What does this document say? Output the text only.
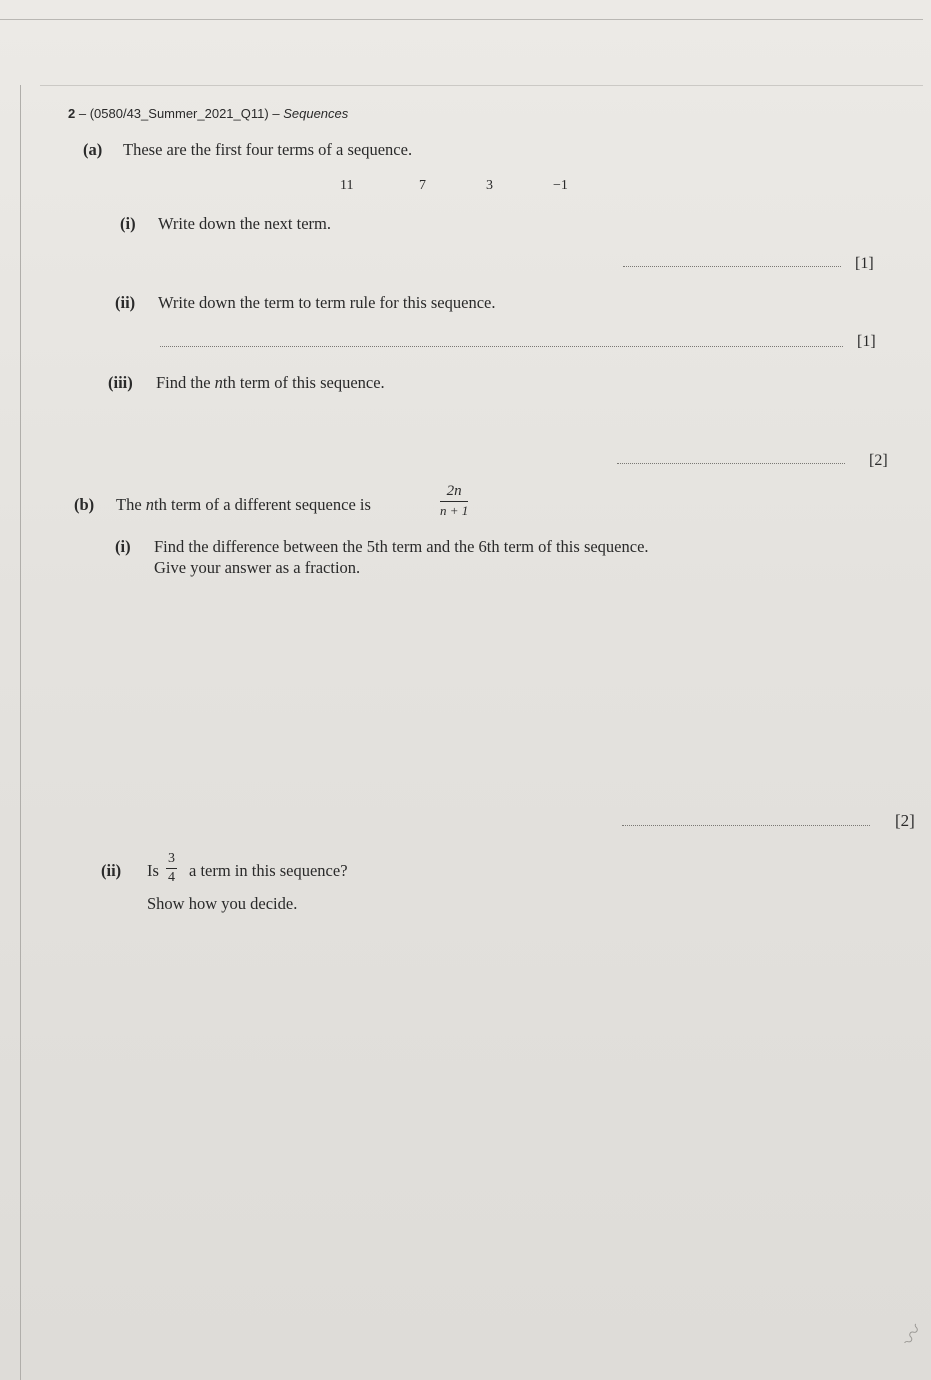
2 – (0580/43_Summer_2021_Q11) – Sequences
(a) These are the first four terms of a sequence.
11	7	3	−1
(i) Write down the next term.
[1]
(ii) Write down the term to term rule for this sequence.
[1]
(iii) Find the nth term of this sequence.
[2]
(b) The nth term of a different sequence is	$\frac{2n}{n + 1}$
(i) Find the difference between the 5th term and the 6th term of this sequence.
Give your answer as a fraction.
[2]
(ii) Is $\frac{3}{4}$ a term in this sequence?
Show how you decide.
〰
